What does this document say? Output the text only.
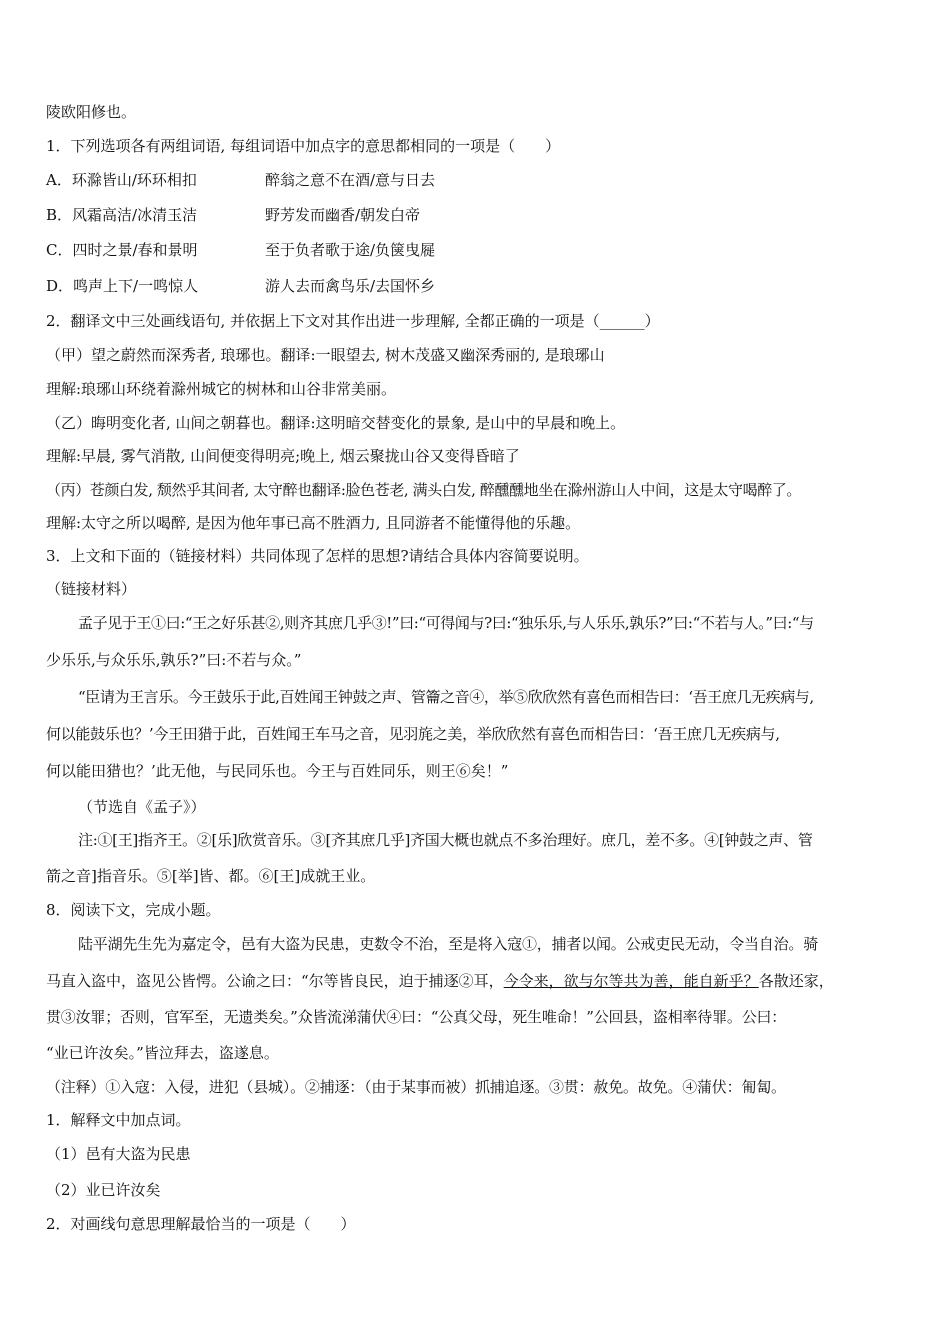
陵欧阳修也。
1．下列选项各有两组词语, 每组词语中加点字的意思都相同的一项是（　　）
A．环滁皆山/环环相扣	醉翁之意不在酒/意与日去
B．风霜高洁/冰清玉洁	野芳发而幽香/朝发白帝
C．四时之景/春和景明	至于负者歌于途/负箧曳屣
D．鸣声上下/一鸣惊人	游人去而禽鸟乐/去国怀乡
2．翻译文中三处画线语句, 并依据上下文对其作出进一步理解, 全都正确的一项是（______）
（甲）望之蔚然而深秀者, 琅琊也。翻译:一眼望去, 树木茂盛又幽深秀丽的, 是琅琊山
理解:琅琊山环绕着滁州城它的树林和山谷非常美丽。
（乙）晦明变化者, 山间之朝暮也。翻译:这明暗交替变化的景象, 是山中的早晨和晚上。
理解:早晨, 雾气消散, 山间便变得明亮;晚上, 烟云聚拢山谷又变得昏暗了
（丙）苍颜白发, 颓然乎其间者, 太守醉也翻译:脸色苍老, 满头白发, 醉醺醺地坐在滁州游山人中间，这是太守喝醉了。
理解:太守之所以喝醉, 是因为他年事已高不胜酒力, 且同游者不能懂得他的乐趣。
3．上文和下面的（链接材料）共同体现了怎样的思想?请结合具体内容简要说明。
（链接材料）
孟子见于王①曰:“王之好乐甚②,则齐其庶几乎③!”曰:“可得闻与?曰:“独乐乐,与人乐乐,孰乐?”曰:“不若与人。”曰:“与
少乐乐,与众乐乐,孰乐?”曰:不若与众。”
“臣请为王言乐。今王鼓乐于此,百姓闻王钟鼓之声、管籥之音④，举⑤欣欣然有喜色而相告曰：‘吾王庶几无疾病与,
何以能鼓乐也？’今王田猎于此，百姓闻王车马之音，见羽旄之美，举欣欣然有喜色而相告曰：‘吾王庶几无疾病与,
何以能田猎也？’此无他，与民同乐也。今王与百姓同乐，则王⑥矣！”
（节选自《孟子》）
注:①[王]指齐王。②[乐]欣赏音乐。③[齐其庶几乎]齐国大概也就点不多治理好。庶几，差不多。④[钟鼓之声、管
箭之音]指音乐。⑤[举]皆、都。⑥[王]成就王业。
8．阅读下文，完成小题。
陆平湖先生先为嘉定令，邑有大盗为民患，吏数令不治，至是将入寇①，捕者以闻。公戒吏民无动，令当自治。骑
马直入盗中，盗见公皆愕。公谕之曰：“尔等皆良民，迫于捕逐②耳，今令来，欲与尔等共为善，能自新乎？各散还家，
贯③汝罪；否则，官军至，无遗类矣。”众皆流涕蒲伏④曰：“公真父母，死生唯命！”公回县，盗相率待罪。公曰：
“业已许汝矣。”皆泣拜去，盗遂息。
（注释）①入寇：入侵，进犯（县城）。②捕逐：（由于某事而被）抓捕追逐。③贯：赦免。故免。④蒲伏：匍匐。
1．解释文中加点词。
（1）邑有大盗为民患
（2）业已许汝矣
2．对画线句意思理解最恰当的一项是（　　）
